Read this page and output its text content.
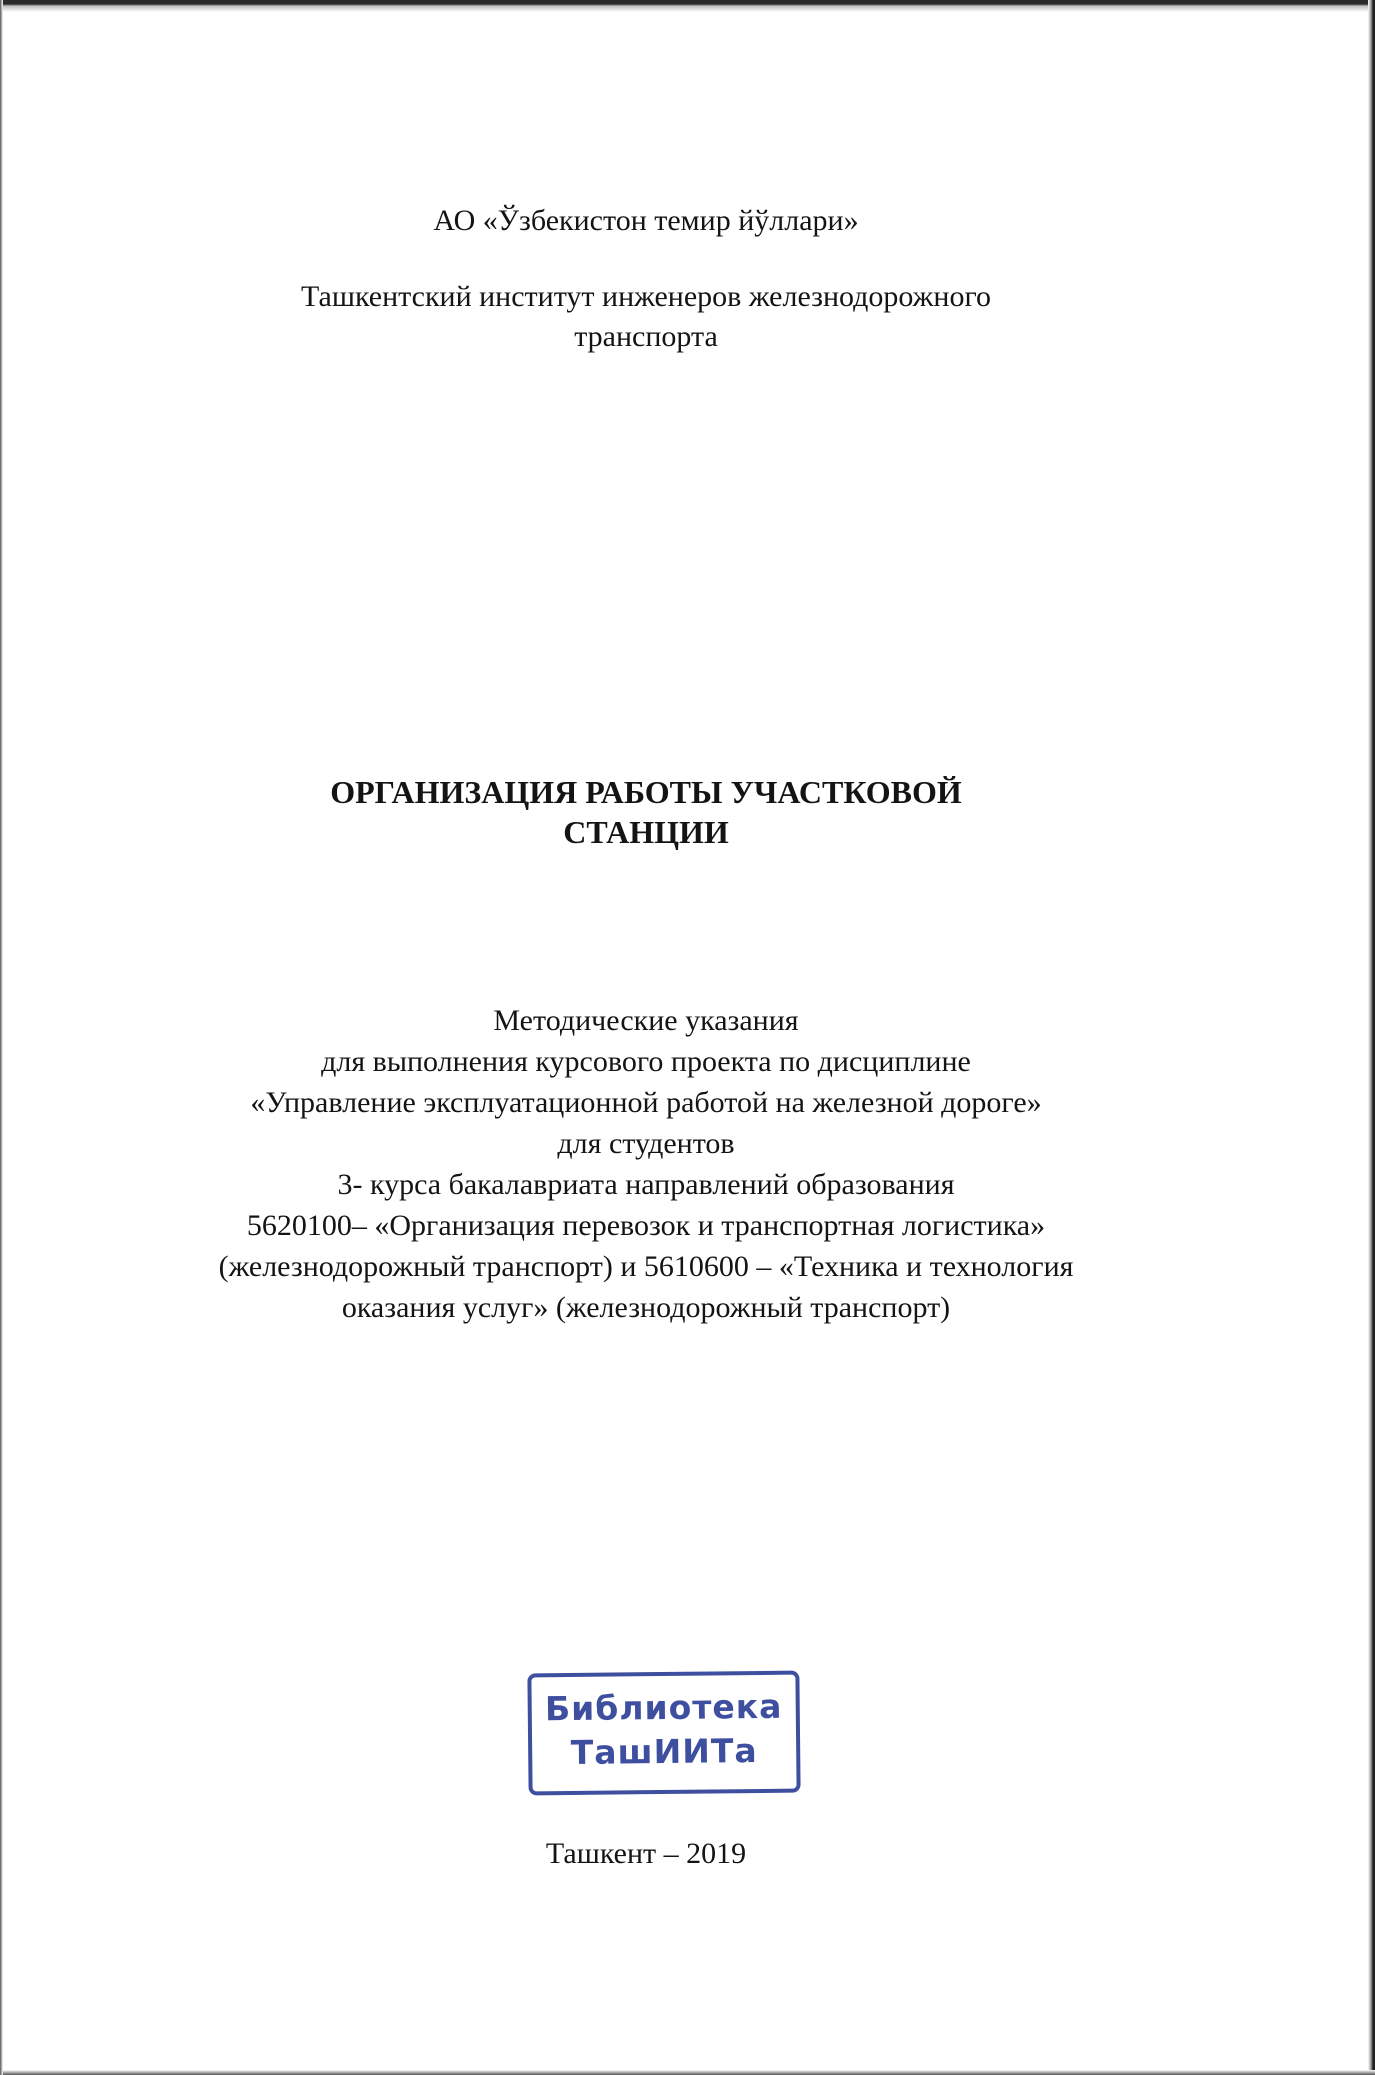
АО «Ўзбекистон темир йўллари»
Ташкентский институт инженеров железнодорожного
транспорта
ОРГАНИЗАЦИЯ РАБОТЫ УЧАСТКОВОЙ
СТАНЦИИ
Методические указания
для выполнения курсового проекта по дисциплине
«Управление эксплуатационной работой на железной дороге»
для студентов
3- курса бакалавриата направлений образования
5620100– «Организация перевозок и транспортная логистика»
(железнодорожный транспорт) и 5610600 – «Техника и технология
оказания услуг» (железнодорожный транспорт)
Библиотека
ТашИИТа
Ташкент – 2019
